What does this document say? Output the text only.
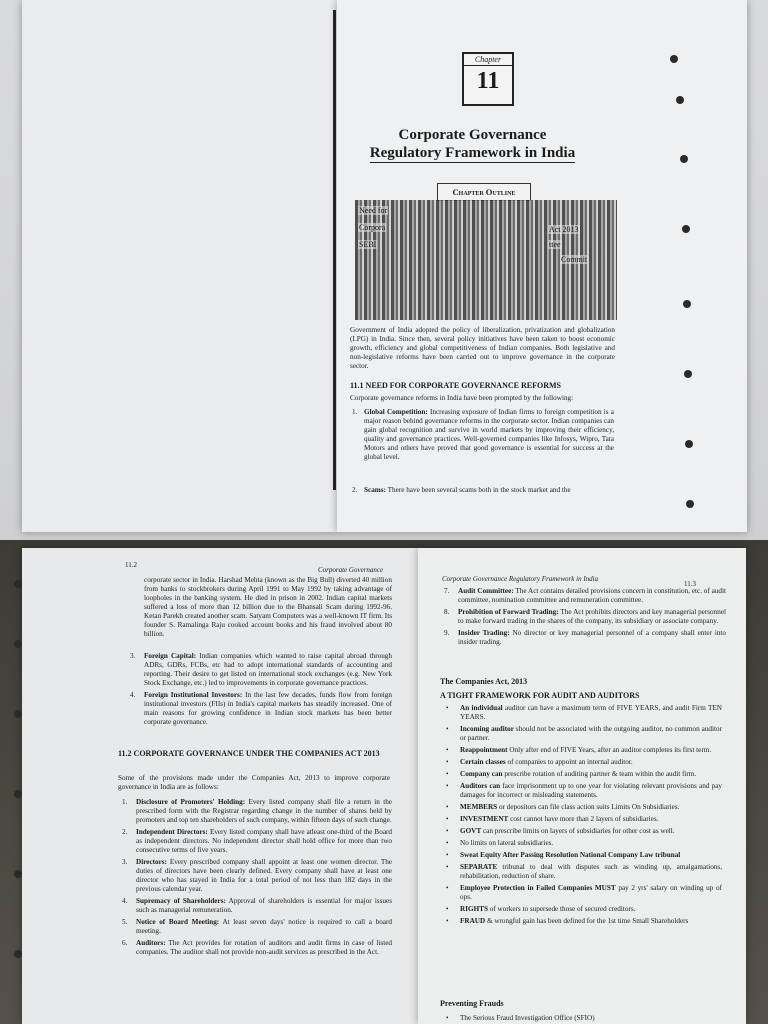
Chapter
11
Corporate Governance
Regulatory Framework in India
Chapter Outline
Need for
Corpora
SEBI
Act 2013
ttee
Commit
Government of India adopted the policy of liberalization, privatization and globalization (LPG) in India. Since then, several policy initiatives have been taken to boost economic growth, efficiency and global competitiveness of Indian companies. Both legislative and non-legislative reforms have been carried out to improve governance in the corporate sector.
11.1 NEED FOR CORPORATE GOVERNANCE REFORMS
Corporate governance reforms in India have been prompted by the following:
1. Global Competition: Increasing exposure of Indian firms to foreign competition is a major reason behind governance reforms in the corporate sector. Indian companies can gain global recognition and survive in world markets by improving their efficiency, quality and governance practices. Well-governed companies like Infosys, Wipro, Tata Motors and others have proved that good governance is essential for success at the global level.
2. Scams: There have been several scams both in the stock market and the
11.2
Corporate Governance
corporate sector in India. Harshad Mehta (known as the Big Bull) diverted 40 million from banks to stockbrokers during April 1991 to May 1992 by taking advantage of loopholes in the banking system. He died in prison in 2002. Indian capital markets suffered a loss of more than 12 billion due to the Bhansali Scam during 1992-96. Ketan Parekh created another scam. Satyam Computers was a well-known IT firm. Its founder S. Ramalinga Raju cooked account books and his fraud involved about 80 billion.
3. Foreign Capital: Indian companies which wanted to raise capital abroad through ADRs, GDRs, FCBs, etc had to adopt international standards of accounting and reporting. Their desire to get listed on international stock exchanges (e.g. New York Stock Exchange, etc.) led to improvements in corporate governance practices.
4. Foreign Institutional Investors: In the last few decades, funds flow from foreign institutional investors (FIIs) in India's capital markets has steadily increased. One of main reasons for growing confidence in Indian stock markets has been better corporate governance.
11.2 CORPORATE GOVERNANCE UNDER THE COMPANIES ACT 2013
Some of the provisions made under the Companies Act, 2013 to improve corporate governance in India are as follows:
1. Disclosure of Promoters' Holding: Every listed company shall file a return in the prescribed form with the Registrar regarding change in the number of shares held by promoters and top ten shareholders of such company, within fifteen days of such change.
2. Independent Directors: Every listed company shall have atleast one-third of the Board as independent directors. No independent director shall hold office for more than two consecutive terms of five years.
3. Directors: Every prescribed company shall appoint at least one women director. The duties of directors have been clearly defined. Every company shall have at least one director who has stayed in India for a total period of not less than 182 days in the previous calendar year.
4. Supremacy of Shareholders: Approval of shareholders is essential for major issues such as managerial remuneration.
5. Notice of Board Meeting: At least seven days' notice is required to call a board meeting.
6. Auditors: The Act provides for rotation of auditors and audit firms in case of listed companies. The auditor shall not provide non-audit services as prescribed in the Act.
Corporate Governance Regulatory Framework in India
11.3
7. Audit Committee: The Act contains detailed provisions concern in constitution, etc. of audit committee, nomination committee and remuneration committee.
8. Prohibition of Forward Trading: The Act prohibits directors and key managerial personnel to make forward trading in the shares of the company, its subsidiary or associate company.
9. Insider Trading: No director or key managerial personnel of a company shall enter into insider trading.
The Companies Act, 2013
A TIGHT FRAMEWORK FOR AUDIT AND AUDITORS
• An individual auditor can have a maximum term of FIVE YEARS, and audit Firm TEN YEARS.
• Incoming auditor should not be associated with the outgoing auditor, no common auditor or partner.
• Reappointment Only after end of FIVE Years, after an auditor completes its first term.
• Certain classes of companies to appoint an internal auditor.
• Company can prescribe rotation of auditing partner & team within the audit firm.
• Auditors can face imprisonment up to one year for violating relevant provisions and pay damages for incorrect or misleading statements.
• MEMBERS or depositors can file class action suits Limits On Subsidiaries.
• INVESTMENT cost cannot have more than 2 layers of subsidiaries.
• GOVT can prescribe limits on layers of subsidiaries for other cost as well.
• No limits on lateral subsidiaries.
• Sweat Equity After Passing Resolution National Company Law tribunal
• SEPARATE tribunal to deal with disputes such as winding up, amalgamations, rehabilitation, reduction of share.
• Employee Protection in Failed Companies MUST pay 2 yrs' salary on winding up of ops.
• RIGHTS of workers to supersede those of secured creditors.
• FRAUD & wrongful gain has been defined for the 1st time Small Shareholders
Preventing Frauds
• The Serious Fraud Investigation Office (SFIO)
